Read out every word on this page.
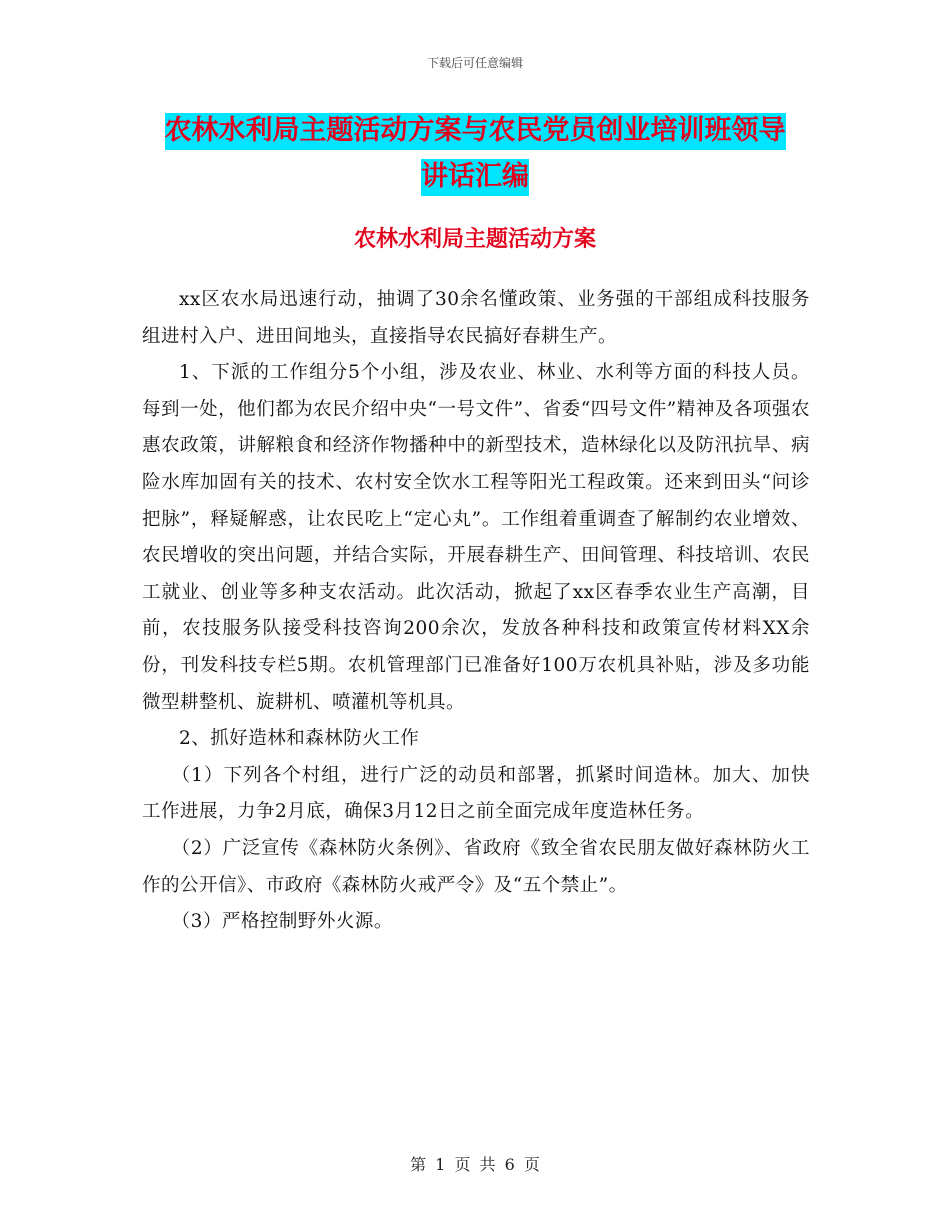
下载后可任意编辑
农林水利局主题活动方案与农民党员创业培训班领导
讲话汇编
农林水利局主题活动方案

xx区农水局迅速行动，抽调了30余名懂政策、业务强的干部组成科技服务组进村入户、进田间地头，直接指导农民搞好春耕生产。

1、下派的工作组分5个小组，涉及农业、林业、水利等方面的科技人员。每到一处，他们都为农民介绍中央“一号文件”、省委“四号文件”精神及各项强农惠农政策，讲解粮食和经济作物播种中的新型技术，造林绿化以及防汛抗旱、病险水库加固有关的技术、农村安全饮水工程等阳光工程政策。还来到田头“问诊把脉”，释疑解惑，让农民吃上“定心丸”。工作组着重调查了解制约农业增效、农民增收的突出问题，并结合实际，开展春耕生产、田间管理、科技培训、农民工就业、创业等多种支农活动。此次活动，掀起了xx区春季农业生产高潮，目前，农技服务队接受科技咨询200余次，发放各种科技和政策宣传材料XX余份，刊发科技专栏5期。农机管理部门已准备好100万农机具补贴，涉及多功能微型耕整机、旋耕机、喷灌机等机具。

2、抓好造林和森林防火工作

（1）下列各个村组，进行广泛的动员和部署，抓紧时间造林。加大、加快工作进展，力争2月底，确保3月12日之前全面完成年度造林任务。

（2）广泛宣传《森林防火条例》、省政府《致全省农民朋友做好森林防火工作的公开信》、市政府《森林防火戒严令》及“五个禁止”。

（3）严格控制野外火源。

第 1 页 共 6 页
